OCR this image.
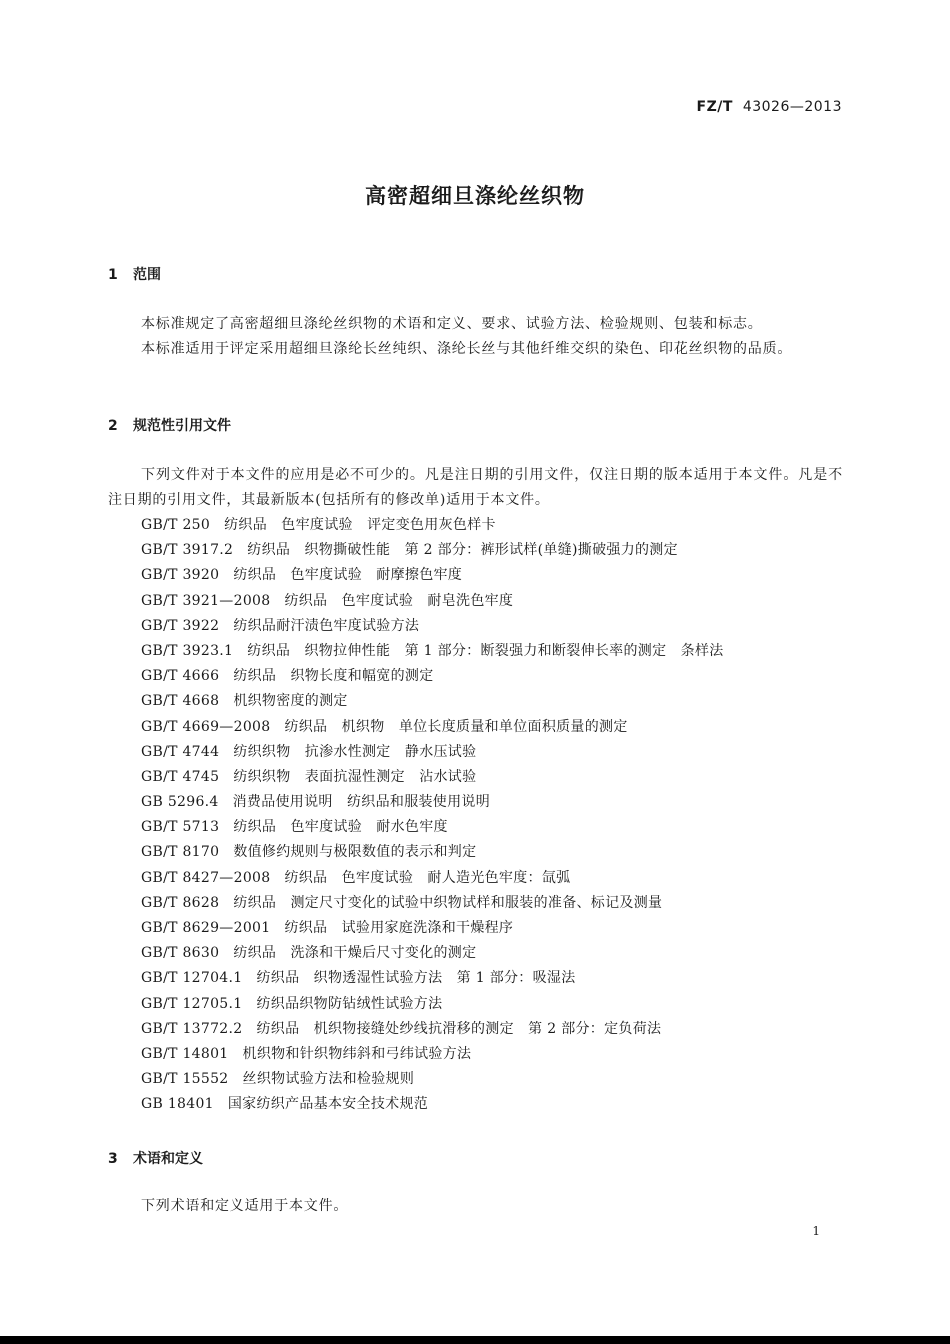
FZ/T 43026—2013
高密超细旦涤纶丝织物
1 范围
本标准规定了高密超细旦涤纶丝织物的术语和定义、要求、试验方法、检验规则、包装和标志。
本标准适用于评定采用超细旦涤纶长丝纯织、涤纶长丝与其他纤维交织的染色、印花丝织物的品质。
2 规范性引用文件
下列文件对于本文件的应用是必不可少的。凡是注日期的引用文件，仅注日期的版本适用于本文件。凡是不注日期的引用文件，其最新版本(包括所有的修改单)适用于本文件。
GB/T 250 纺织品　色牢度试验　评定变色用灰色样卡
GB/T 3917.2 纺织品　织物撕破性能　第 2 部分：裤形试样(单缝)撕破强力的测定
GB/T 3920 纺织品　色牢度试验　耐摩擦色牢度
GB/T 3921—2008 纺织品　色牢度试验　耐皂洗色牢度
GB/T 3922 纺织品耐汗渍色牢度试验方法
GB/T 3923.1 纺织品　织物拉伸性能　第 1 部分：断裂强力和断裂伸长率的测定　条样法
GB/T 4666 纺织品　织物长度和幅宽的测定
GB/T 4668 机织物密度的测定
GB/T 4669—2008 纺织品　机织物　单位长度质量和单位面积质量的测定
GB/T 4744 纺织织物　抗渗水性测定　静水压试验
GB/T 4745 纺织织物　表面抗湿性测定　沾水试验
GB 5296.4 消费品使用说明　纺织品和服装使用说明
GB/T 5713 纺织品　色牢度试验　耐水色牢度
GB/T 8170 数值修约规则与极限数值的表示和判定
GB/T 8427—2008 纺织品　色牢度试验　耐人造光色牢度：氙弧
GB/T 8628 纺织品　测定尺寸变化的试验中织物试样和服装的准备、标记及测量
GB/T 8629—2001 纺织品　试验用家庭洗涤和干燥程序
GB/T 8630 纺织品　洗涤和干燥后尺寸变化的测定
GB/T 12704.1 纺织品　织物透湿性试验方法　第 1 部分：吸湿法
GB/T 12705.1 纺织品织物防钻绒性试验方法
GB/T 13772.2 纺织品　机织物接缝处纱线抗滑移的测定　第 2 部分：定负荷法
GB/T 14801 机织物和针织物纬斜和弓纬试验方法
GB/T 15552 丝织物试验方法和检验规则
GB 18401 国家纺织产品基本安全技术规范
3 术语和定义
下列术语和定义适用于本文件。
1
